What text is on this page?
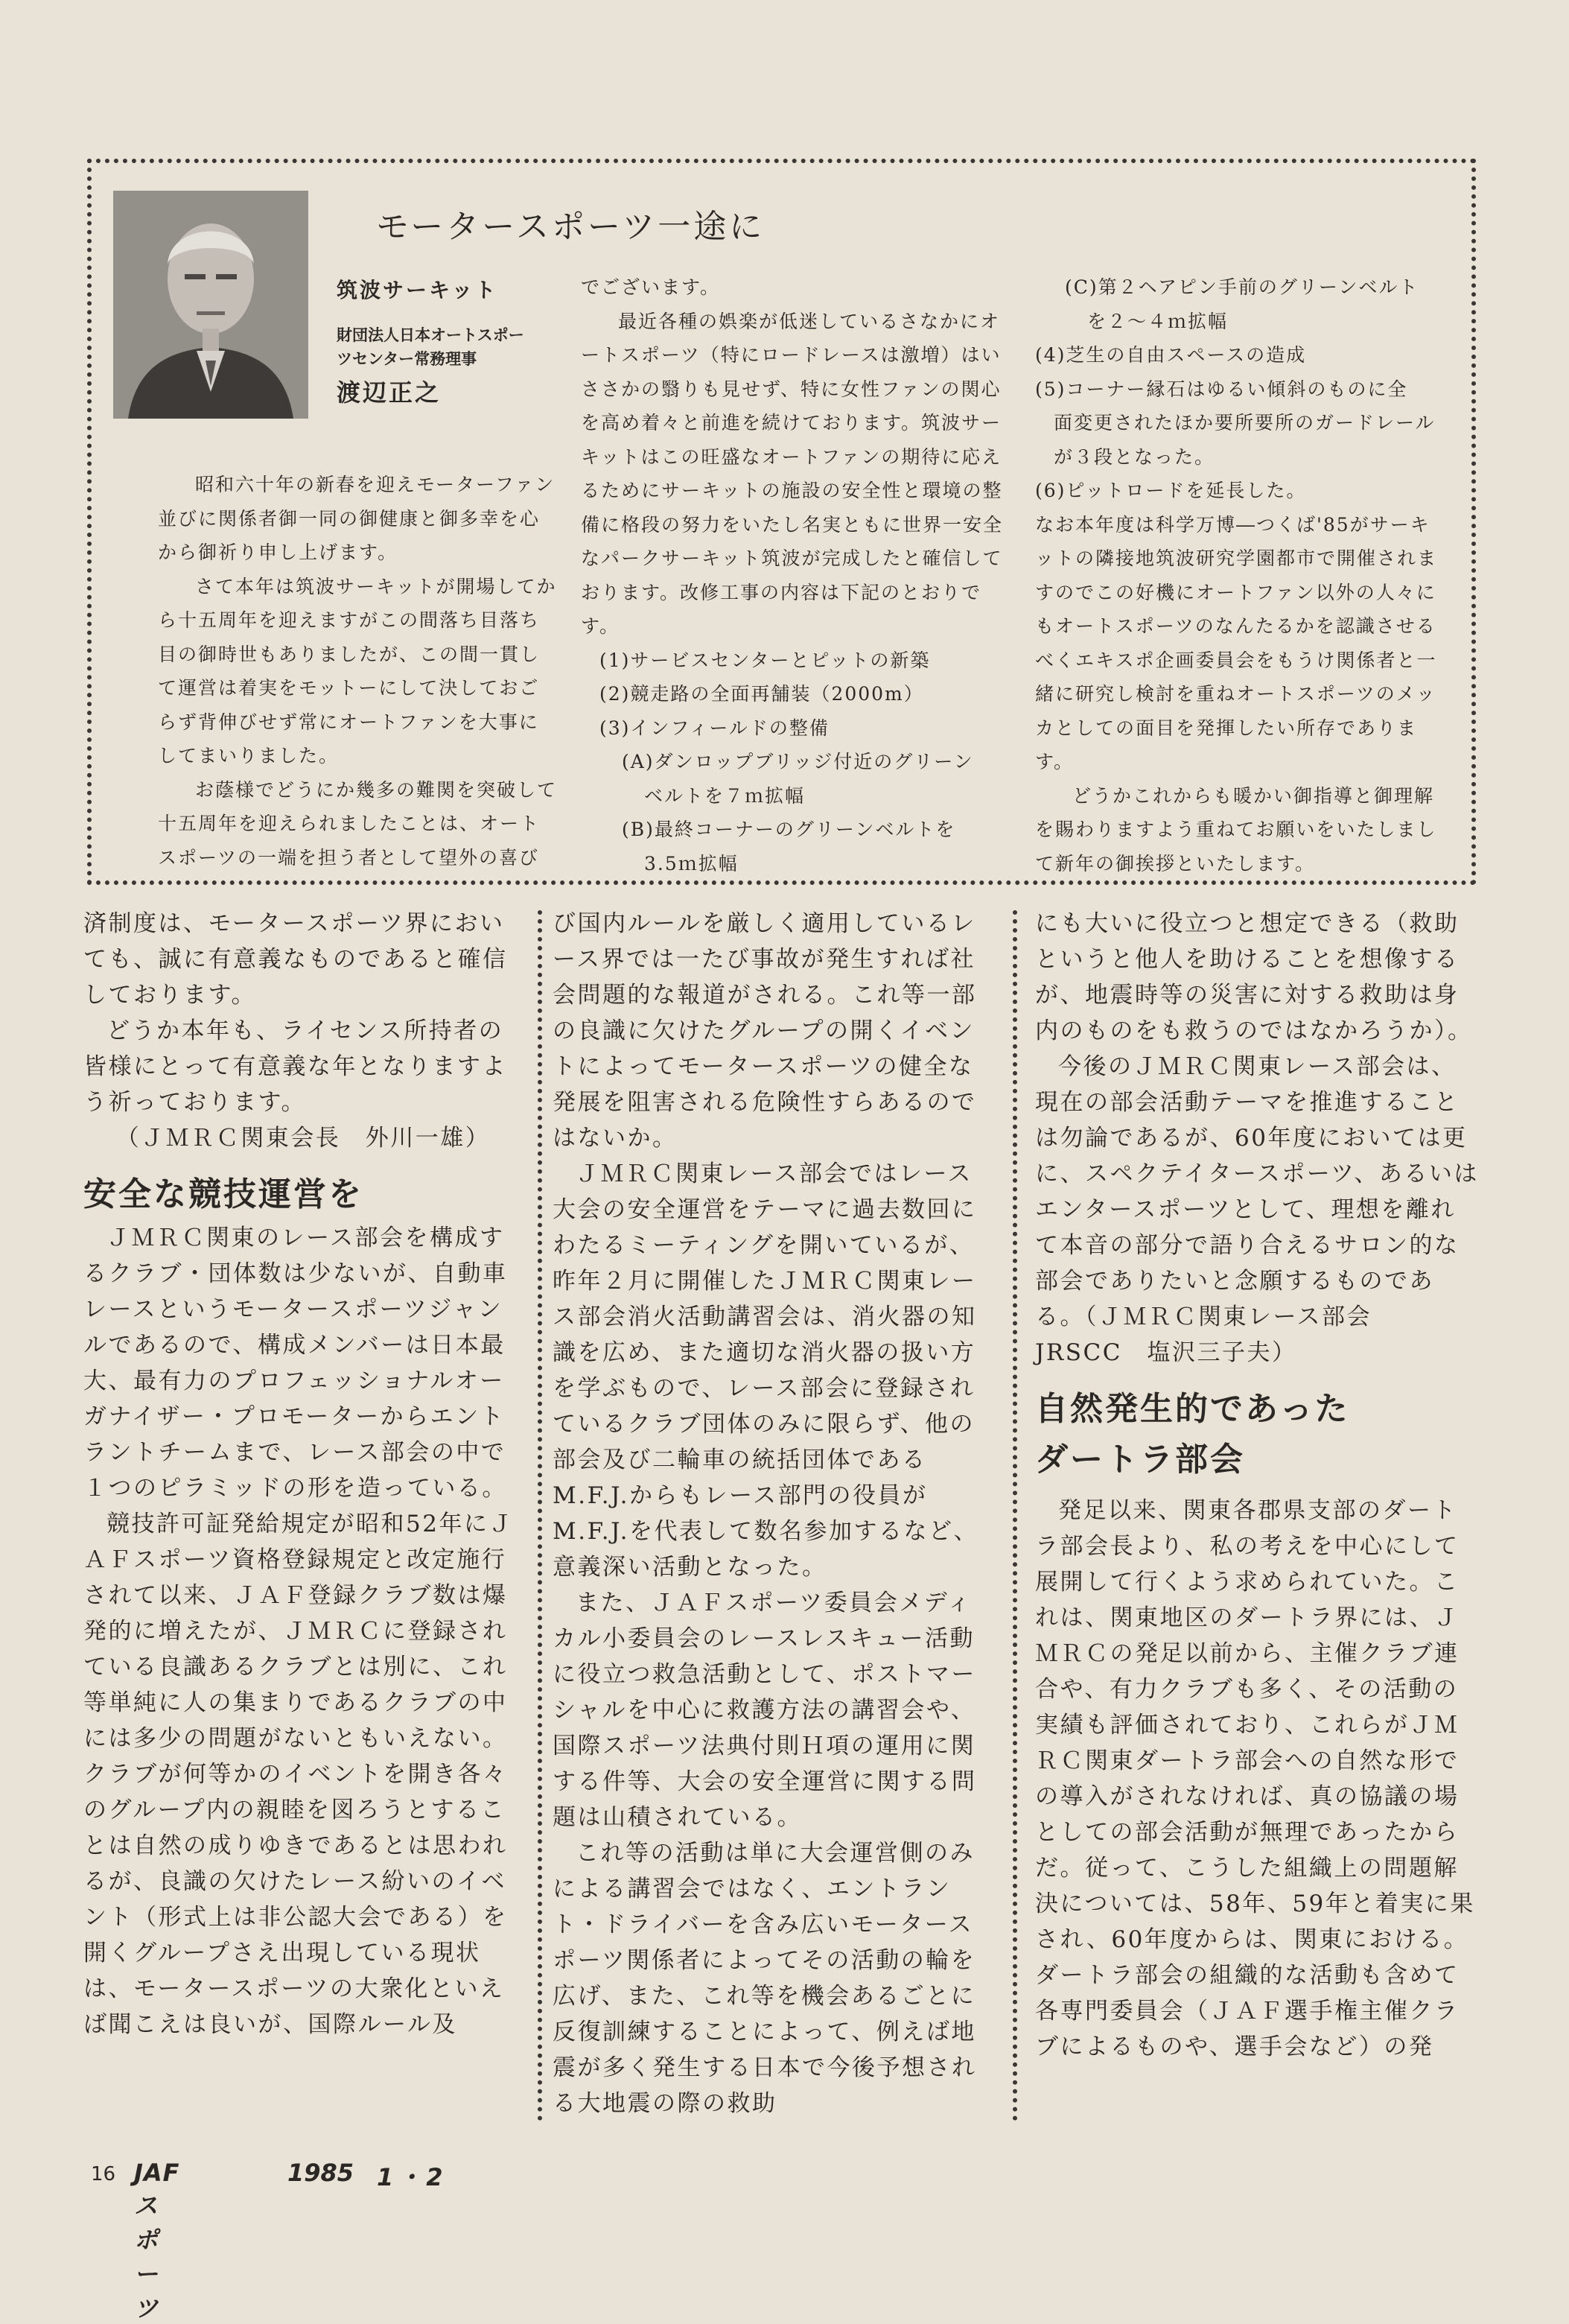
モータースポーツ一途に
筑波サーキット
財団法人日本オートスポー
ツセンター常務理事
渡辺正之

昭和六十年の新春を迎えモーターファン並びに関係者御一同の御健康と御多幸を心から御祈り申し上げます。

さて本年は筑波サーキットが開場してから十五周年を迎えますがこの間落ち目落ち目の御時世もありましたが、この間一貫して運営は着実をモットーにして決しておごらず背伸びせず常にオートファンを大事にしてまいりました。

お蔭様でどうにか幾多の難関を突破して十五周年を迎えられましたことは、オートスポーツの一端を担う者として望外の喜び

でございます。

最近各種の娯楽が低迷しているさなかにオートスポーツ（特にロードレースは激増）はいささかの翳りも見せず、特に女性ファンの関心を高め着々と前進を続けております。筑波サーキットはこの旺盛なオートファンの期待に応えるためにサーキットの施設の安全性と環境の整備に格段の努力をいたし名実ともに世界一安全なパークサーキット筑波が完成したと確信しております。改修工事の内容は下記のとおりです。

(1)サービスセンターとピットの新築

(2)競走路の全面再舗装（2000m）

(3)インフィールドの整備

(A)ダンロップブリッジ付近のグリーン
ベルトを７ｍ拡幅

(B)最終コーナーのグリーンベルトを
3.5ｍ拡幅

(C)第２ヘアピン手前のグリーンベルト
を２～４ｍ拡幅

(4)芝生の自由スペースの造成

(5)コーナー縁石はゆるい傾斜のものに全
面変更されたほか要所要所のガードレールが３段となった。

(6)ピットロードを延長した。

なお本年度は科学万博―つくば'85がサーキットの隣接地筑波研究学園都市で開催されますのでこの好機にオートファン以外の人々にもオートスポーツのなんたるかを認識させるべくエキスポ企画委員会をもうけ関係者と一緒に研究し検討を重ねオートスポーツのメッカとしての面目を発揮したい所存であります。

どうかこれからも暖かい御指導と御理解を賜わりますよう重ねてお願いをいたしまして新年の御挨拶といたします。

済制度は、モータースポーツ界においても、誠に有意義なものであると確信しております。

どうか本年も、ライセンス所持者の皆様にとって有意義な年となりますよう祈っております。

（ＪＭＲＣ関東会長　外川一雄）

安全な競技運営を

ＪＭＲＣ関東のレース部会を構成するクラブ・団体数は少ないが、自動車レースというモータースポーツジャンルであるので、構成メンバーは日本最大、最有力のプロフェッショナルオーガナイザー・プロモーターからエントラントチームまで、レース部会の中で１つのピラミッドの形を造っている。

競技許可証発給規定が昭和52年にＪＡＦスポーツ資格登録規定と改定施行されて以来、ＪＡＦ登録クラブ数は爆発的に増えたが、ＪＭＲＣに登録されている良識あるクラブとは別に、これ等単純に人の集まりであるクラブの中には多少の問題がないともいえない。クラブが何等かのイベントを開き各々のグループ内の親睦を図ろうとすることは自然の成りゆきであるとは思われるが、良識の欠けたレース紛いのイベント（形式上は非公認大会である）を開くグループさえ出現している現状は、モータースポーツの大衆化といえば聞こえは良いが、国際ルール及

び国内ルールを厳しく適用しているレース界では一たび事故が発生すれば社会問題的な報道がされる。これ等一部の良識に欠けたグループの開くイベントによってモータースポーツの健全な発展を阻害される危険性すらあるのではないか。

ＪＭＲＣ関東レース部会ではレース大会の安全運営をテーマに過去数回にわたるミーティングを開いているが、昨年２月に開催したＪＭＲＣ関東レース部会消火活動講習会は、消火器の知識を広め、また適切な消火器の扱い方を学ぶもので、レース部会に登録されているクラブ団体のみに限らず、他の部会及び二輪車の統括団体であるM.F.J.からもレース部門の役員がM.F.J.を代表して数名参加するなど、意義深い活動となった。

また、ＪＡＦスポーツ委員会メディカル小委員会のレースレスキュー活動に役立つ救急活動として、ポストマーシャルを中心に救護方法の講習会や、国際スポーツ法典付則Ｈ項の運用に関する件等、大会の安全運営に関する問題は山積されている。

これ等の活動は単に大会運営側のみによる講習会ではなく、エントラント・ドライバーを含み広いモータースポーツ関係者によってその活動の輪を広げ、また、これ等を機会あるごとに反復訓練することによって、例えば地震が多く発生する日本で今後予想される大地震の際の救助

にも大いに役立つと想定できる（救助というと他人を助けることを想像するが、地震時等の災害に対する救助は身内のものをも救うのではなかろうか）。

今後のＪＭＲＣ関東レース部会は、現在の部会活動テーマを推進することは勿論であるが、60年度においては更に、スペクテイタースポーツ、あるいはエンタースポーツとして、理想を離れて本音の部分で語り合えるサロン的な部会でありたいと念願するものである。（ＪＭＲＣ関東レース部会　JRSCC　塩沢三子夫）

自然発生的であった
ダートラ部会

発足以来、関東各郡県支部のダートラ部会長より、私の考えを中心にして展開して行くよう求められていた。これは、関東地区のダートラ界には、ＪＭＲＣの発足以前から、主催クラブ連合や、有力クラブも多く、その活動の実績も評価されており、これらがＪＭＲＣ関東ダートラ部会への自然な形での導入がされなければ、真の協議の場としての部会活動が無理であったからだ。従って、こうした組織上の問題解決については、58年、59年と着実に果され、60年度からは、関東における。ダートラ部会の組織的な活動も含めて各専門委員会（ＪＡＦ選手権主催クラブによるものや、選手会など）の発

16 JAFスポーツ
1985 1・2
